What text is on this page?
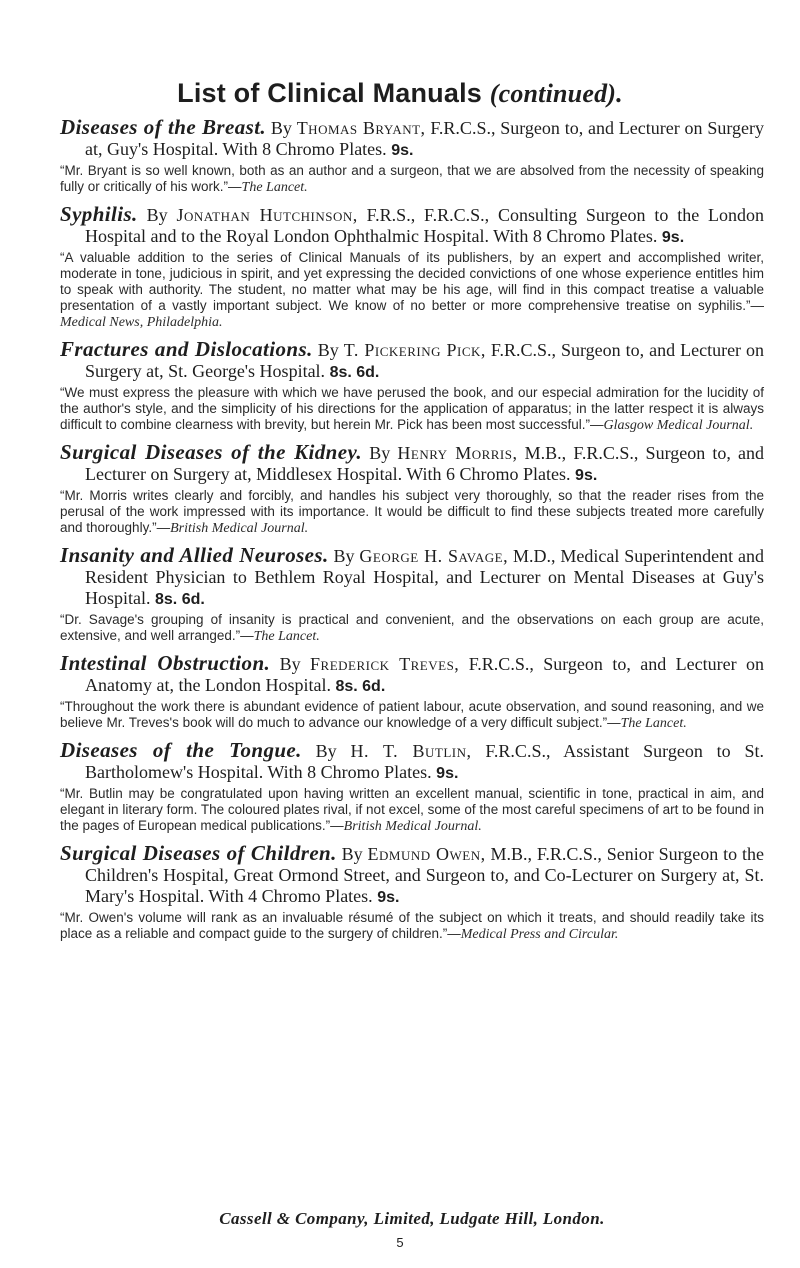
List of Clinical Manuals (continued).

Diseases of the Breast. By Thomas Bryant, F.R.C.S., Surgeon to, and Lecturer on Surgery at, Guy's Hospital. With 8 Chromo Plates. 9s.

“Mr. Bryant is so well known, both as an author and a surgeon, that we are absolved from the necessity of speaking fully or critically of his work.”—The Lancet.

Syphilis. By Jonathan Hutchinson, F.R.S., F.R.C.S., Consulting Surgeon to the London Hospital and to the Royal London Ophthalmic Hospital. With 8 Chromo Plates. 9s.

“A valuable addition to the series of Clinical Manuals of its publishers, by an expert and accomplished writer, moderate in tone, judicious in spirit, and yet expressing the decided convictions of one whose experience entitles him to speak with authority. The student, no matter what may be his age, will find in this compact treatise a valuable presentation of a vastly important subject. We know of no better or more comprehensive treatise on syphilis.”—Medical News, Philadelphia.

Fractures and Dislocations. By T. Pickering Pick, F.R.C.S., Surgeon to, and Lecturer on Surgery at, St. George's Hospital. 8s. 6d.

“We must express the pleasure with which we have perused the book, and our especial admiration for the lucidity of the author's style, and the simplicity of his directions for the application of apparatus; in the latter respect it is always difficult to combine clearness with brevity, but herein Mr. Pick has been most successful.”—Glasgow Medical Journal.

Surgical Diseases of the Kidney. By Henry Morris, M.B., F.R.C.S., Surgeon to, and Lecturer on Surgery at, Middlesex Hospital. With 6 Chromo Plates. 9s.

“Mr. Morris writes clearly and forcibly, and handles his subject very thoroughly, so that the reader rises from the perusal of the work impressed with its importance. It would be difficult to find these subjects treated more carefully and thoroughly.”—British Medical Journal.

Insanity and Allied Neuroses. By George H. Savage, M.D., Medical Superintendent and Resident Physician to Bethlem Royal Hospital, and Lecturer on Mental Diseases at Guy's Hospital. 8s. 6d.

“Dr. Savage's grouping of insanity is practical and convenient, and the observations on each group are acute, extensive, and well arranged.”—The Lancet.

Intestinal Obstruction. By Frederick Treves, F.R.C.S., Surgeon to, and Lecturer on Anatomy at, the London Hospital. 8s. 6d.

“Throughout the work there is abundant evidence of patient labour, acute observation, and sound reasoning, and we believe Mr. Treves's book will do much to advance our knowledge of a very difficult subject.”—The Lancet.

Diseases of the Tongue. By H. T. Butlin, F.R.C.S., Assistant Surgeon to St. Bartholomew's Hospital. With 8 Chromo Plates. 9s.

“Mr. Butlin may be congratulated upon having written an excellent manual, scientific in tone, practical in aim, and elegant in literary form. The coloured plates rival, if not excel, some of the most careful specimens of art to be found in the pages of European medical publications.”—British Medical Journal.

Surgical Diseases of Children. By Edmund Owen, M.B., F.R.C.S., Senior Surgeon to the Children's Hospital, Great Ormond Street, and Surgeon to, and Co-Lecturer on Surgery at, St. Mary's Hospital. With 4 Chromo Plates. 9s.

“Mr. Owen's volume will rank as an invaluable résumé of the subject on which it treats, and should readily take its place as a reliable and compact guide to the surgery of children.”—Medical Press and Circular.

Cassell & Company, Limited, Ludgate Hill, London.
5
